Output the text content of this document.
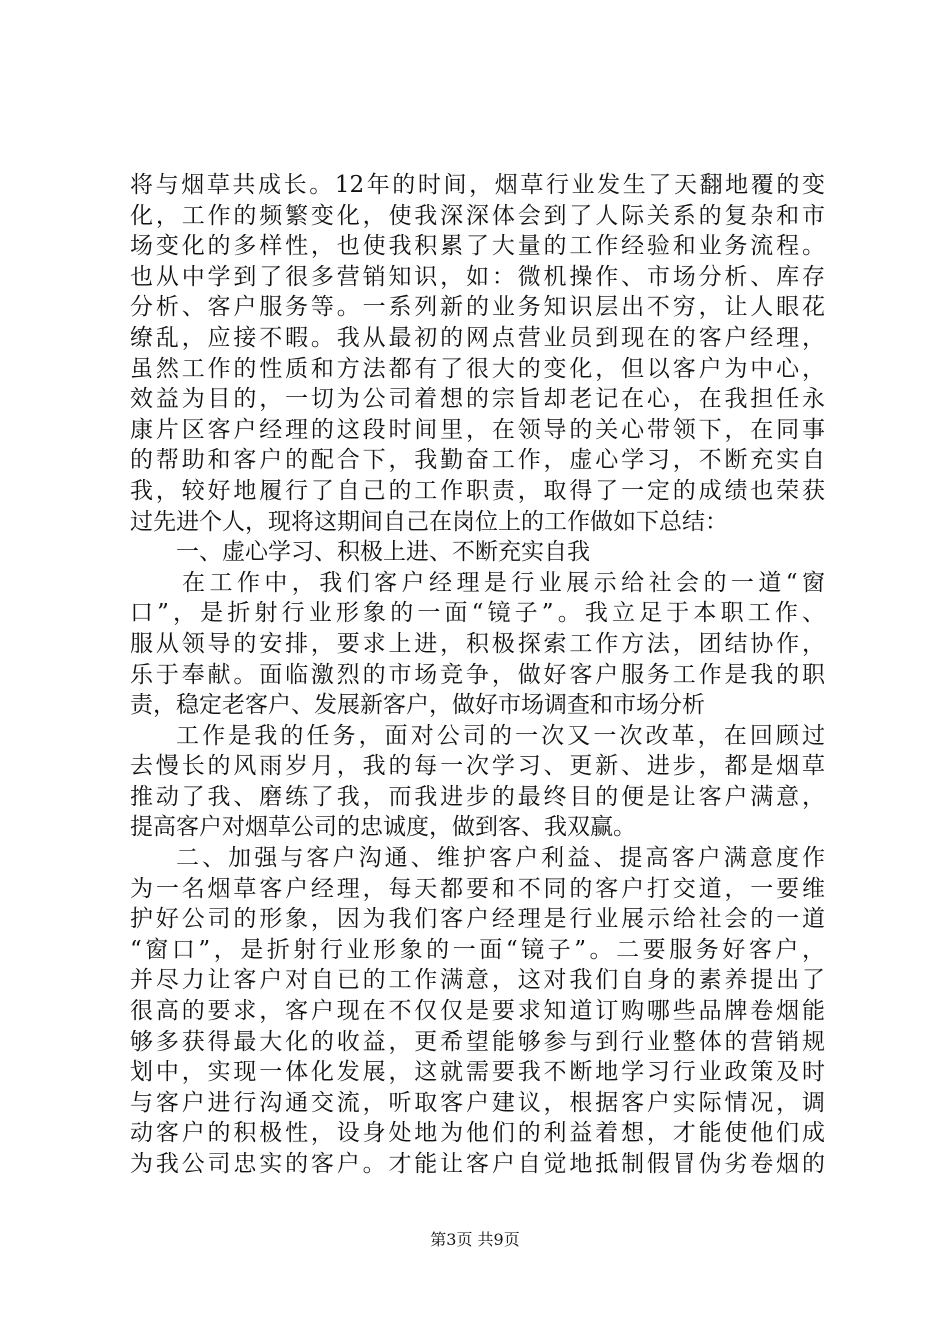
将与烟草共成长。12年的时间，烟草行业发生了天翻地覆的变
化，工作的频繁变化，使我深深体会到了人际关系的复杂和市
场变化的多样性，也使我积累了大量的工作经验和业务流程。
也从中学到了很多营销知识，如：微机操作、市场分析、库存
分析、客户服务等。一系列新的业务知识层出不穷，让人眼花
缭乱，应接不暇。我从最初的网点营业员到现在的客户经理，
虽然工作的性质和方法都有了很大的变化，但以客户为中心，
效益为目的，一切为公司着想的宗旨却老记在心，在我担任永
康片区客户经理的这段时间里，在领导的关心带领下，在同事
的帮助和客户的配合下，我勤奋工作，虚心学习，不断充实自
我，较好地履行了自己的工作职责，取得了一定的成绩也荣获
过先进个人，现将这期间自己在岗位上的工作做如下总结：
一、虚心学习、积极上进、不断充实自我
在工作中，我们客户经理是行业展示给社会的一道“窗
口”，是折射行业形象的一面“镜子”。我立足于本职工作、
服从领导的安排，要求上进，积极探索工作方法，团结协作，
乐于奉献。面临激烈的市场竞争，做好客户服务工作是我的职
责，稳定老客户、发展新客户，做好市场调查和市场分析
工作是我的任务，面对公司的一次又一次改革，在回顾过
去慢长的风雨岁月，我的每一次学习、更新、进步，都是烟草
推动了我、磨练了我，而我进步的最终目的便是让客户满意，
提高客户对烟草公司的忠诚度，做到客、我双赢。
二、加强与客户沟通、维护客户利益、提高客户满意度作
为一名烟草客户经理，每天都要和不同的客户打交道，一要维
护好公司的形象，因为我们客户经理是行业展示给社会的一道
“窗口”，是折射行业形象的一面“镜子”。二要服务好客户，
并尽力让客户对自已的工作满意，这对我们自身的素养提出了
很高的要求，客户现在不仅仅是要求知道订购哪些品牌卷烟能
够多获得最大化的收益，更希望能够参与到行业整体的营销规
划中，实现一体化发展，这就需要我不断地学习行业政策及时
与客户进行沟通交流，听取客户建议，根据客户实际情况，调
动客户的积极性，设身处地为他们的利益着想，才能使他们成
为我公司忠实的客户。才能让客户自觉地抵制假冒伪劣卷烟的
第3页 共9页
